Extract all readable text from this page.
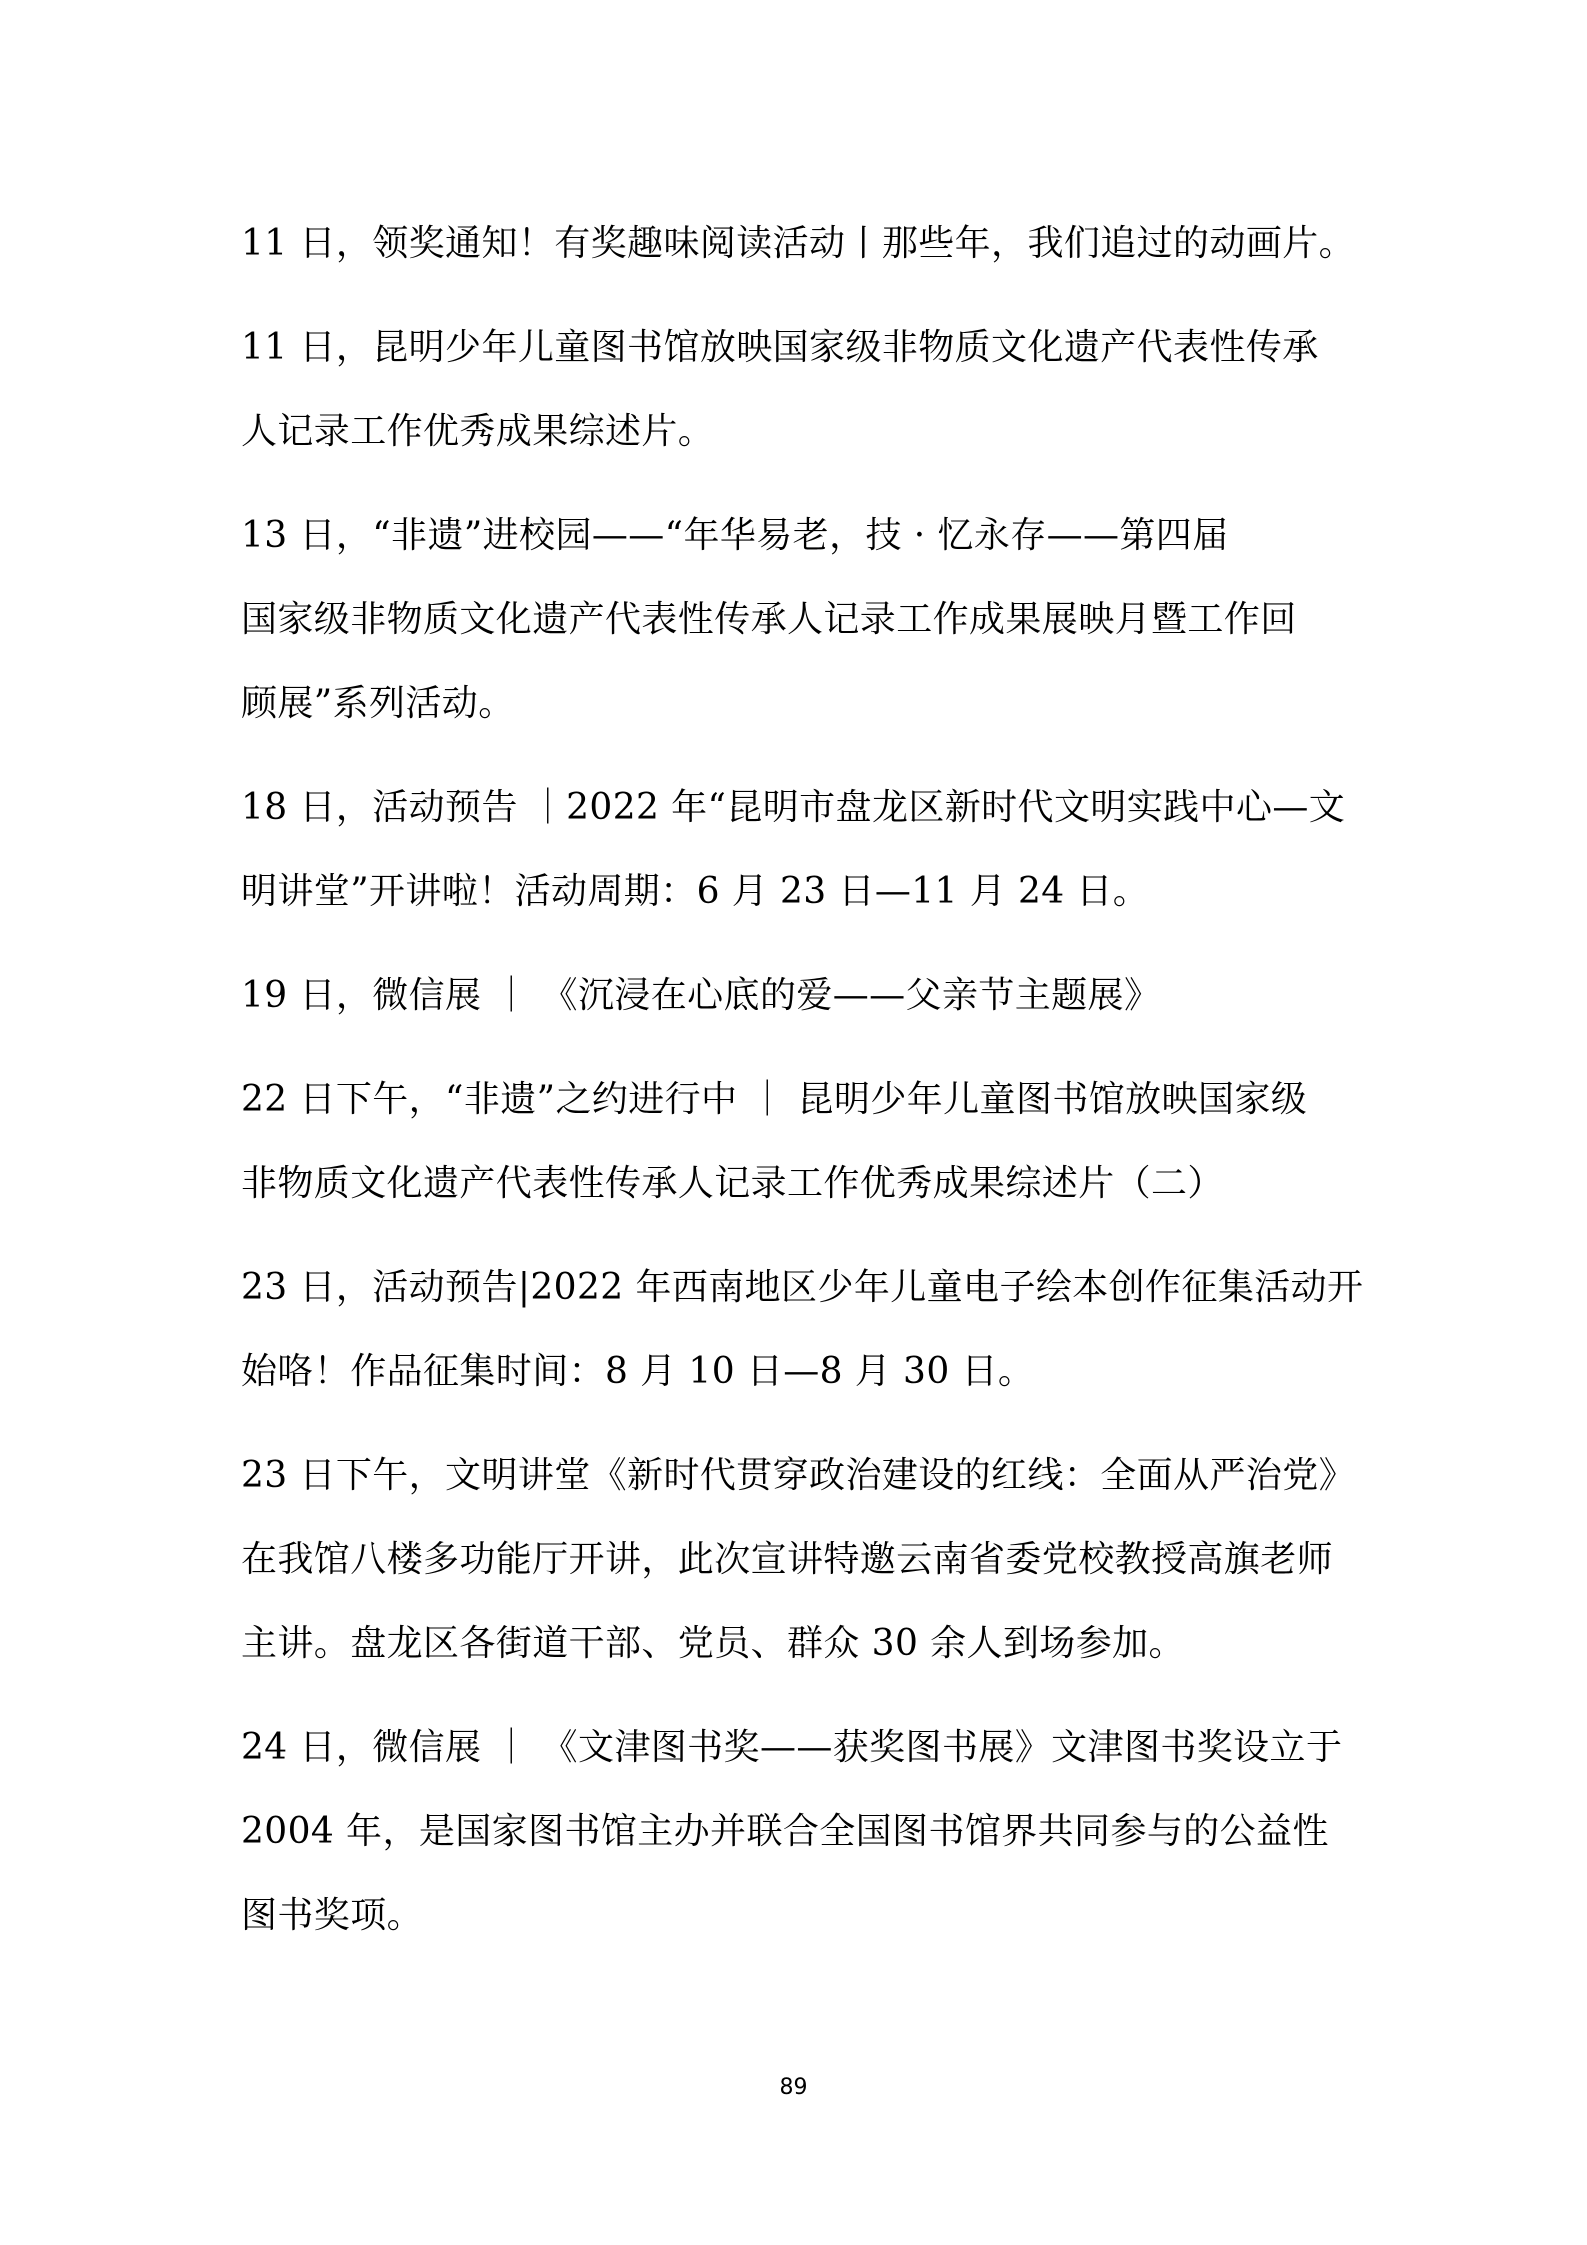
11 日，领奖通知！有奖趣味阅读活动丨那些年，我们追过的动画片。

11 日，昆明少年儿童图书馆放映国家级非物质文化遗产代表性传承
人记录工作优秀成果综述片。

13 日，“非遗”进校园——“年华易老，技 · 忆永存——第四届
国家级非物质文化遗产代表性传承人记录工作成果展映月暨工作回
顾展”系列活动。

18 日，活动预告 ｜2022 年“昆明市盘龙区新时代文明实践中心—文
明讲堂”开讲啦！活动周期：6 月 23 日—11 月 24 日。

19 日，微信展 ｜ 《沉浸在心底的爱——父亲节主题展》

22 日下午，“非遗”之约进行中 ｜ 昆明少年儿童图书馆放映国家级
非物质文化遗产代表性传承人记录工作优秀成果综述片（二）

23 日，活动预告|2022 年西南地区少年儿童电子绘本创作征集活动开
始咯！作品征集时间：8 月 10 日—8 月 30 日。

23 日下午，文明讲堂《新时代贯穿政治建设的红线：全面从严治党》
在我馆八楼多功能厅开讲，此次宣讲特邀云南省委党校教授高旗老师
主讲。盘龙区各街道干部、党员、群众 30 余人到场参加。

24 日，微信展 ｜ 《文津图书奖——获奖图书展》文津图书奖设立于
2004 年，是国家图书馆主办并联合全国图书馆界共同参与的公益性
图书奖项。

89
